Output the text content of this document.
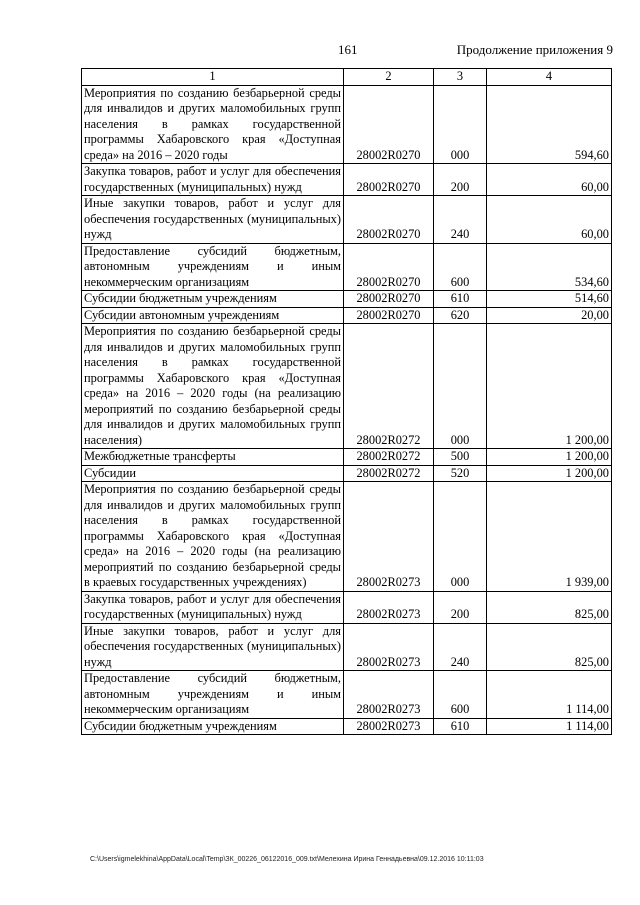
161	Продолжение приложения 9
1	2	3	4
Мероприятия по созданию безбарьерной среды для инвалидов и других маломобильных групп населения в рамках государственной программы Хабаровского края «Доступная среда» на 2016 – 2020 годы	28002R0270	000	594,60
Закупка товаров, работ и услуг для обеспечения государственных (муниципальных) нужд	28002R0270	200	60,00
Иные закупки товаров, работ и услуг для обеспечения государственных (муниципальных) нужд	28002R0270	240	60,00
Предоставление субсидий бюджетным, автономным учреждениям и иным некоммерческим организациям	28002R0270	600	534,60
Субсидии бюджетным учреждениям	28002R0270	610	514,60
Субсидии автономным учреждениям	28002R0270	620	20,00
Мероприятия по созданию безбарьерной среды для инвалидов и других маломобильных групп населения в рамках государственной программы Хабаровского края «Доступная среда» на 2016 – 2020 годы (на реализацию мероприятий по созданию безбарьерной среды для инвалидов и других маломобильных групп населения)	28002R0272	000	1 200,00
Межбюджетные трансферты	28002R0272	500	1 200,00
Субсидии	28002R0272	520	1 200,00
Мероприятия по созданию безбарьерной среды для инвалидов и других маломобильных групп населения в рамках государственной программы Хабаровского края «Доступная среда» на 2016 – 2020 годы (на реализацию мероприятий по созданию безбарьерной среды в краевых государственных учреждениях)	28002R0273	000	1 939,00
Закупка товаров, работ и услуг для обеспечения государственных (муниципальных) нужд	28002R0273	200	825,00
Иные закупки товаров, работ и услуг для обеспечения государственных (муниципальных) нужд	28002R0273	240	825,00
Предоставление субсидий бюджетным, автономным учреждениям и иным некоммерческим организациям	28002R0273	600	1 114,00
Субсидии бюджетным учреждениям	28002R0273	610	1 114,00
C:\Users\igmelekhina\AppData\Local\Temp\ЗК_00226_06122016_009.txt\Мелехина Ирина Геннадьевна\09.12.2016 10:11:03
